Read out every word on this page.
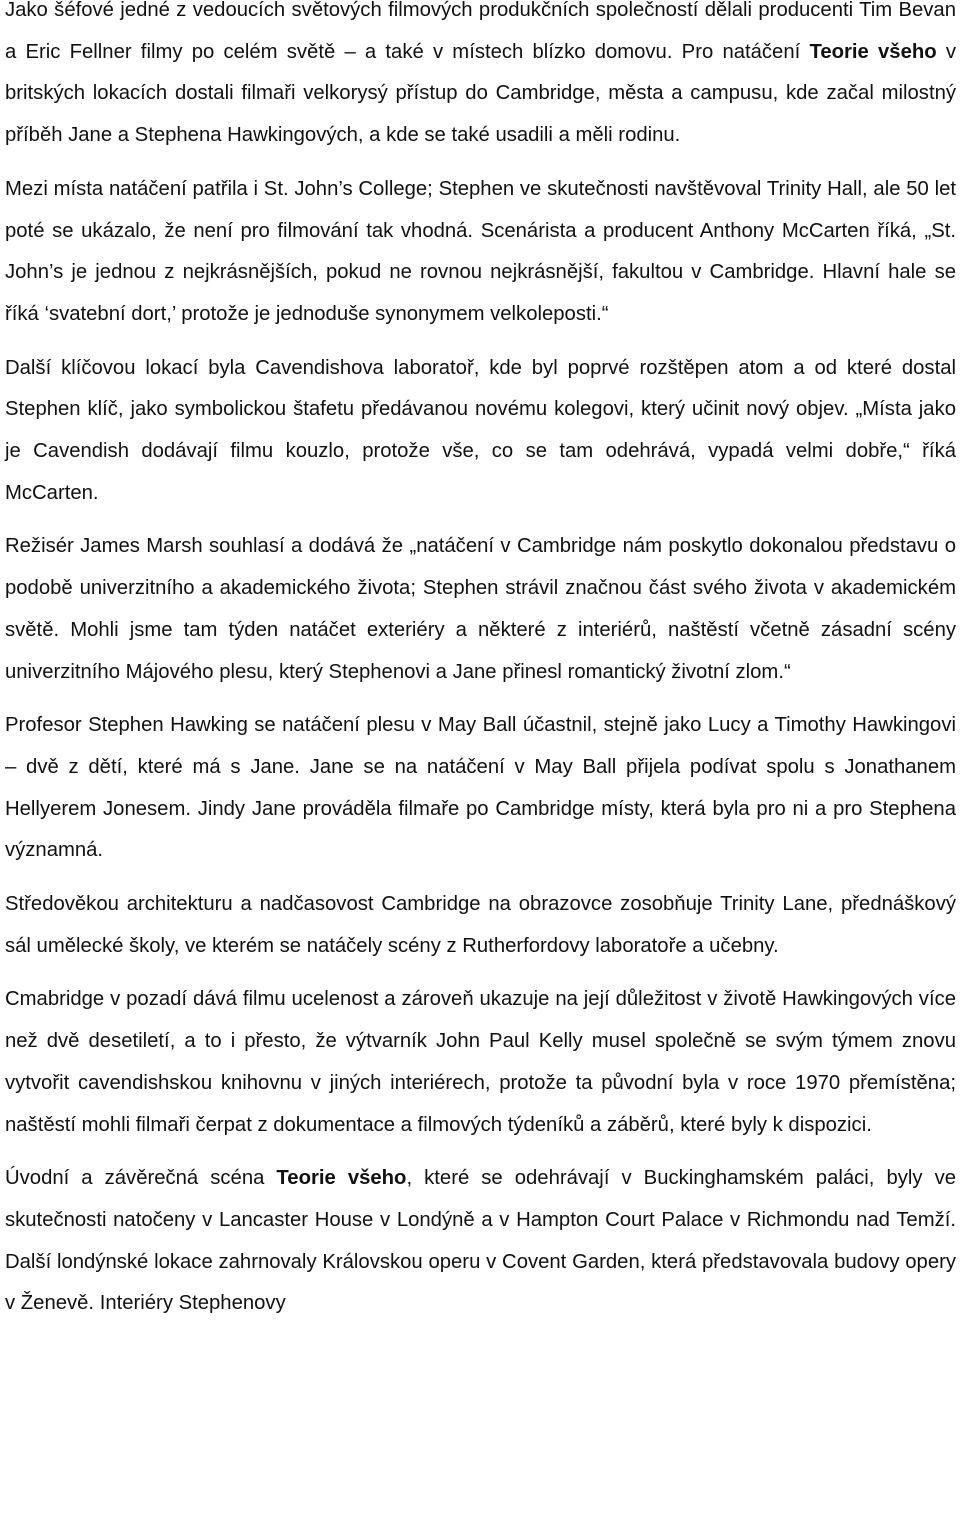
Jako šéfové jedné z vedoucích světových filmových produkčních společností dělali producenti Tim Bevan a Eric Fellner filmy po celém světě – a také v místech blízko domovu. Pro natáčení Teorie všeho v britských lokacích dostali filmaři velkorysý přístup do Cambridge, města a campusu, kde začal milostný příběh Jane a Stephena Hawkingových, a kde se také usadili a měli rodinu.

Mezi místa natáčení patřila i St. John’s College; Stephen ve skutečnosti navštěvoval Trinity Hall, ale 50 let poté se ukázalo, že není pro filmování tak vhodná. Scenárista a producent Anthony McCarten říká, „St. John’s je jednou z nejkrásnějších, pokud ne rovnou nejkrásnější, fakultou v Cambridge. Hlavní hale se říká ‘svatební dort,’ protože je jednoduše synonymem velkoleposti.“

Další klíčovou lokací byla Cavendishova laboratoř, kde byl poprvé rozštěpen atom a od které dostal Stephen klíč, jako symbolickou štafetu předávanou novému kolegovi, který učinit nový objev. „Místa jako je Cavendish dodávají filmu kouzlo, protože vše, co se tam odehrává, vypadá velmi dobře,“ říká McCarten.

Režisér James Marsh souhlasí a dodává že „natáčení v Cambridge nám poskytlo dokonalou představu o podobě univerzitního a akademického života; Stephen strávil značnou část svého života v akademickém světě. Mohli jsme tam týden natáčet exteriéry a některé z interiérů, naštěstí včetně zásadní scény univerzitního Májového plesu, který Stephenovi a Jane přinesl romantický životní zlom.“

Profesor Stephen Hawking se natáčení plesu v May Ball účastnil, stejně jako Lucy a Timothy Hawkingovi – dvě z dětí, které má s Jane. Jane se na natáčení v May Ball přijela podívat spolu s Jonathanem Hellyerem Jonesem. Jindy Jane prováděla filmaře po Cambridge místy, která byla pro ni a pro Stephena významná.

Středověkou architekturu a nadčasovost Cambridge na obrazovce zosobňuje Trinity Lane, přednáškový sál umělecké školy, ve kterém se natáčely scény z Rutherfordovy laboratoře a učebny.

Cmabridge v pozadí dává filmu ucelenost a zároveň ukazuje na její důležitost v životě Hawkingových více než dvě desetiletí, a to i přesto, že výtvarník John Paul Kelly musel společně se svým týmem znovu vytvořit cavendishskou knihovnu v jiných interiérech, protože ta původní byla v roce 1970 přemístěna; naštěstí mohli filmaři čerpat z dokumentace a filmových týdeníků a záběrů, které byly k dispozici.

Úvodní a závěrečná scéna Teorie všeho, které se odehrávají v Buckinghamském paláci, byly ve skutečnosti natočeny v Lancaster House v Londýně a v Hampton Court Palace v Richmondu nad Temží. Další londýnské lokace zahrnovaly Královskou operu v Covent Garden, která představovala budovy opery v Ženevě. Interiéry Stephenovy
